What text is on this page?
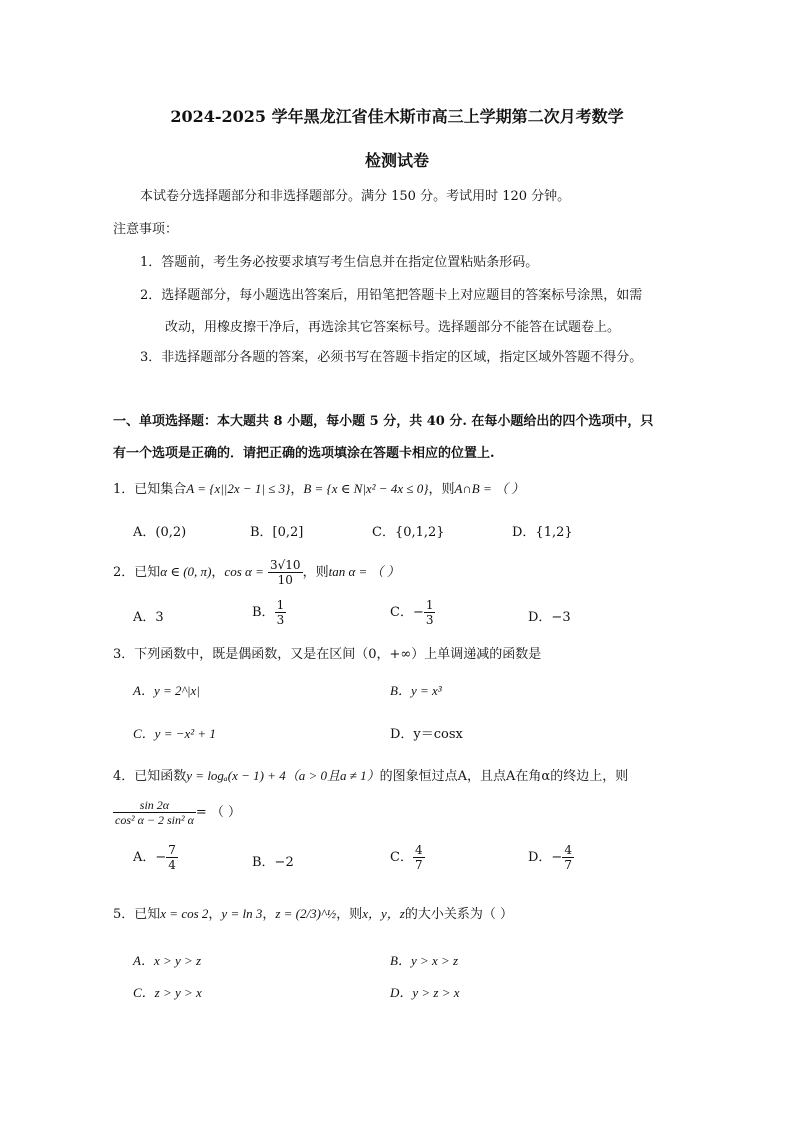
2024-2025 学年黑龙江省佳木斯市高三上学期第二次月考数学
检测试卷
本试卷分选择题部分和非选择题部分。满分 150 分。考试用时 120 分钟。
注意事项：
1．答题前，考生务必按要求填写考生信息并在指定位置粘贴条形码。
2．选择题部分，每小题选出答案后，用铅笔把答题卡上对应题目的答案标号涂黑，如需
改动，用橡皮擦干净后，再选涂其它答案标号。选择题部分不能答在试题卷上。
3．非选择题部分各题的答案，必须书写在答题卡指定的区域，指定区域外答题不得分。
一、单项选择题：本大题共 8 小题，每小题 5 分，共 40 分. 在每小题给出的四个选项中，只
有一个选项是正确的．请把正确的选项填涂在答题卡相应的位置上.
1．已知集合A = {x||2x − 1| ≤ 3}，B = {x ∈ N|x² − 4x ≤ 0}，则A∩B = （ ）
A．(0,2)	B．[0,2]	C．{0,1,2}	D．{1,2}
2．已知α ∈ (0, π)，$\cos \alpha = \frac{3√10}{10}$ ，则tan α = （ ）
A．3	B． $\frac{1}{3}$	C．− $\frac{1}{3}$	D．−3
3．下列函数中，既是偶函数，又是在区间（0，+∞）上单调递减的函数是
A．y = 2^|x|	B．y = x³
C．y = −x² + 1	D．y＝cosx
4．已知函数y = logₐ(x − 1) + 4（a > 0且a ≠ 1）的图象恒过点A，且点A在角α的终边上，则
$\frac{\sin 2\alpha}{\text{cos² α − 2 sin² α}}$ = （ ）
A．− $\frac{7}{4}$	B．−2	C． $\frac{4}{7}$	D．− $\frac{4}{7}$
5．已知x = cos 2，y = ln 3，z = (2/3)^½，则x，y，z的大小关系为（ ）
A．x > y > z	B．y > x > z
C．z > y > x	D．y > z > x
